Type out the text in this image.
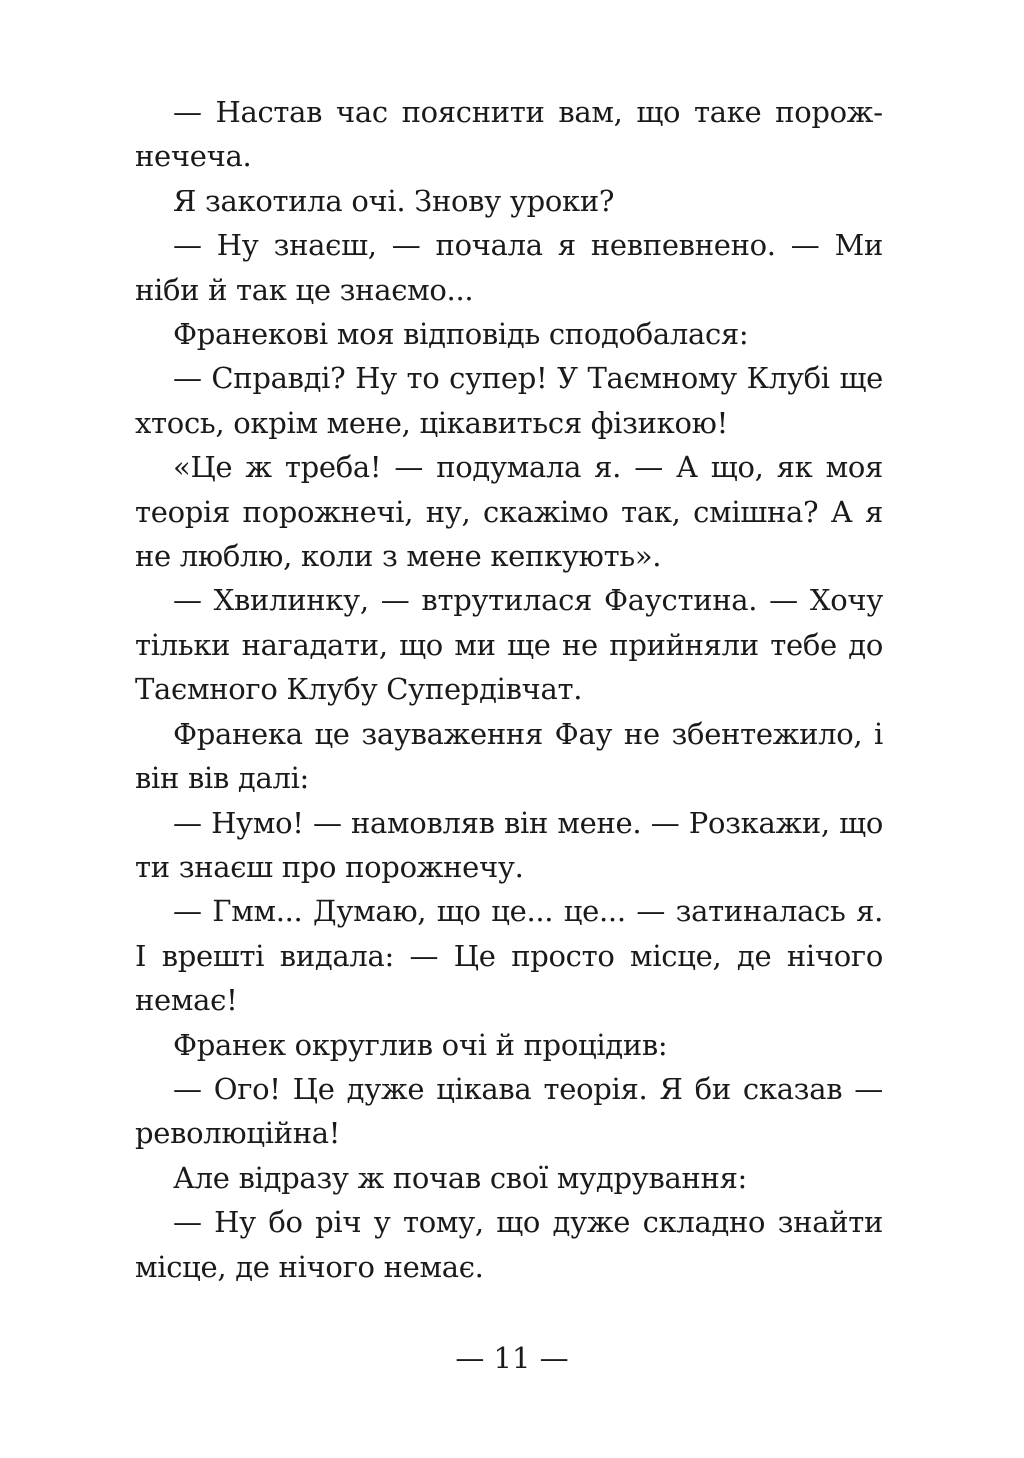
— Настав час пояснити вам, що таке порожнечеча.

Я закотила очі. Знову уроки?

— Ну знаєш, — почала я невпевнено. — Ми ніби й так це знаємо...

Франекові моя відповідь сподобалася:

— Справді? Ну то супер! У Таємному Клубі ще хтось, окрім мене, цікавиться фізикою!

«Це ж треба! — подумала я. — А що, як моя теорія порожнечі, ну, скажімо так, смішна? А я не люблю, коли з мене кепкують».

— Хвилинку, — втрутилася Фаустина. — Хочу тільки нагадати, що ми ще не прийняли тебе до Таємного Клубу Супердівчат.

Франека це зауваження Фау не збентежило, і він вів далі:

— Нумо! — намовляв він мене. — Розкажи, що ти знаєш про порожнечу.

— Гмм... Думаю, що це... це... — затиналась я. І врешті видала: — Це просто місце, де нічого немає!

Франек округлив очі й процідив:

— Ого! Це дуже цікава теорія. Я би сказав — революційна!

Але відразу ж почав свої мудрування:

— Ну бо річ у тому, що дуже складно знайти місце, де нічого немає.

— 11 —
